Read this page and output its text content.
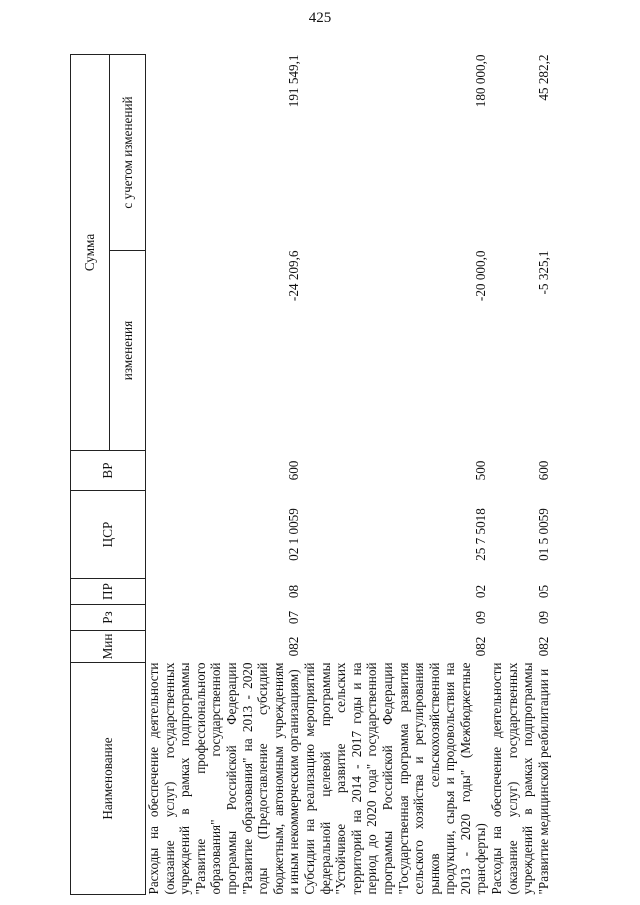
425
Наименование	Мин	Рз	ПР	ЦСР	ВР	Сумма	
						изменения	с учетом изменений
Расходы на обеспечение деятельности (оказание услуг) государственных учреждений в рамках подпрограммы "Развитие профессионального образования" государственной программы Российской Федерации "Развитие образования" на 2013 - 2020 годы (Предоставление субсидий бюджетным, автономным учреждениям и иным некоммерческим организациям)	082	07	08	02 1 0059	600	-24 209,6	191 549,1
Субсидии на реализацию мероприятий федеральной целевой программы "Устойчивое развитие сельских территорий на 2014 - 2017 годы и на период до 2020 года" государственной программы Российской Федерации "Государственная программа развития сельского хозяйства и регулирования рынков сельскохозяйственной продукции, сырья и продовольствия на 2013 - 2020 годы" (Межбюджетные трансферты)	082	09	02	25 7 5018	500	-20 000,0	180 000,0
Расходы на обеспечение деятельности (оказание услуг) государственных учреждений в рамках подпрограммы "Развитие медицинской реабилитации и	082	09	05	01 5 0059	600	-5 325,1	45 282,2
